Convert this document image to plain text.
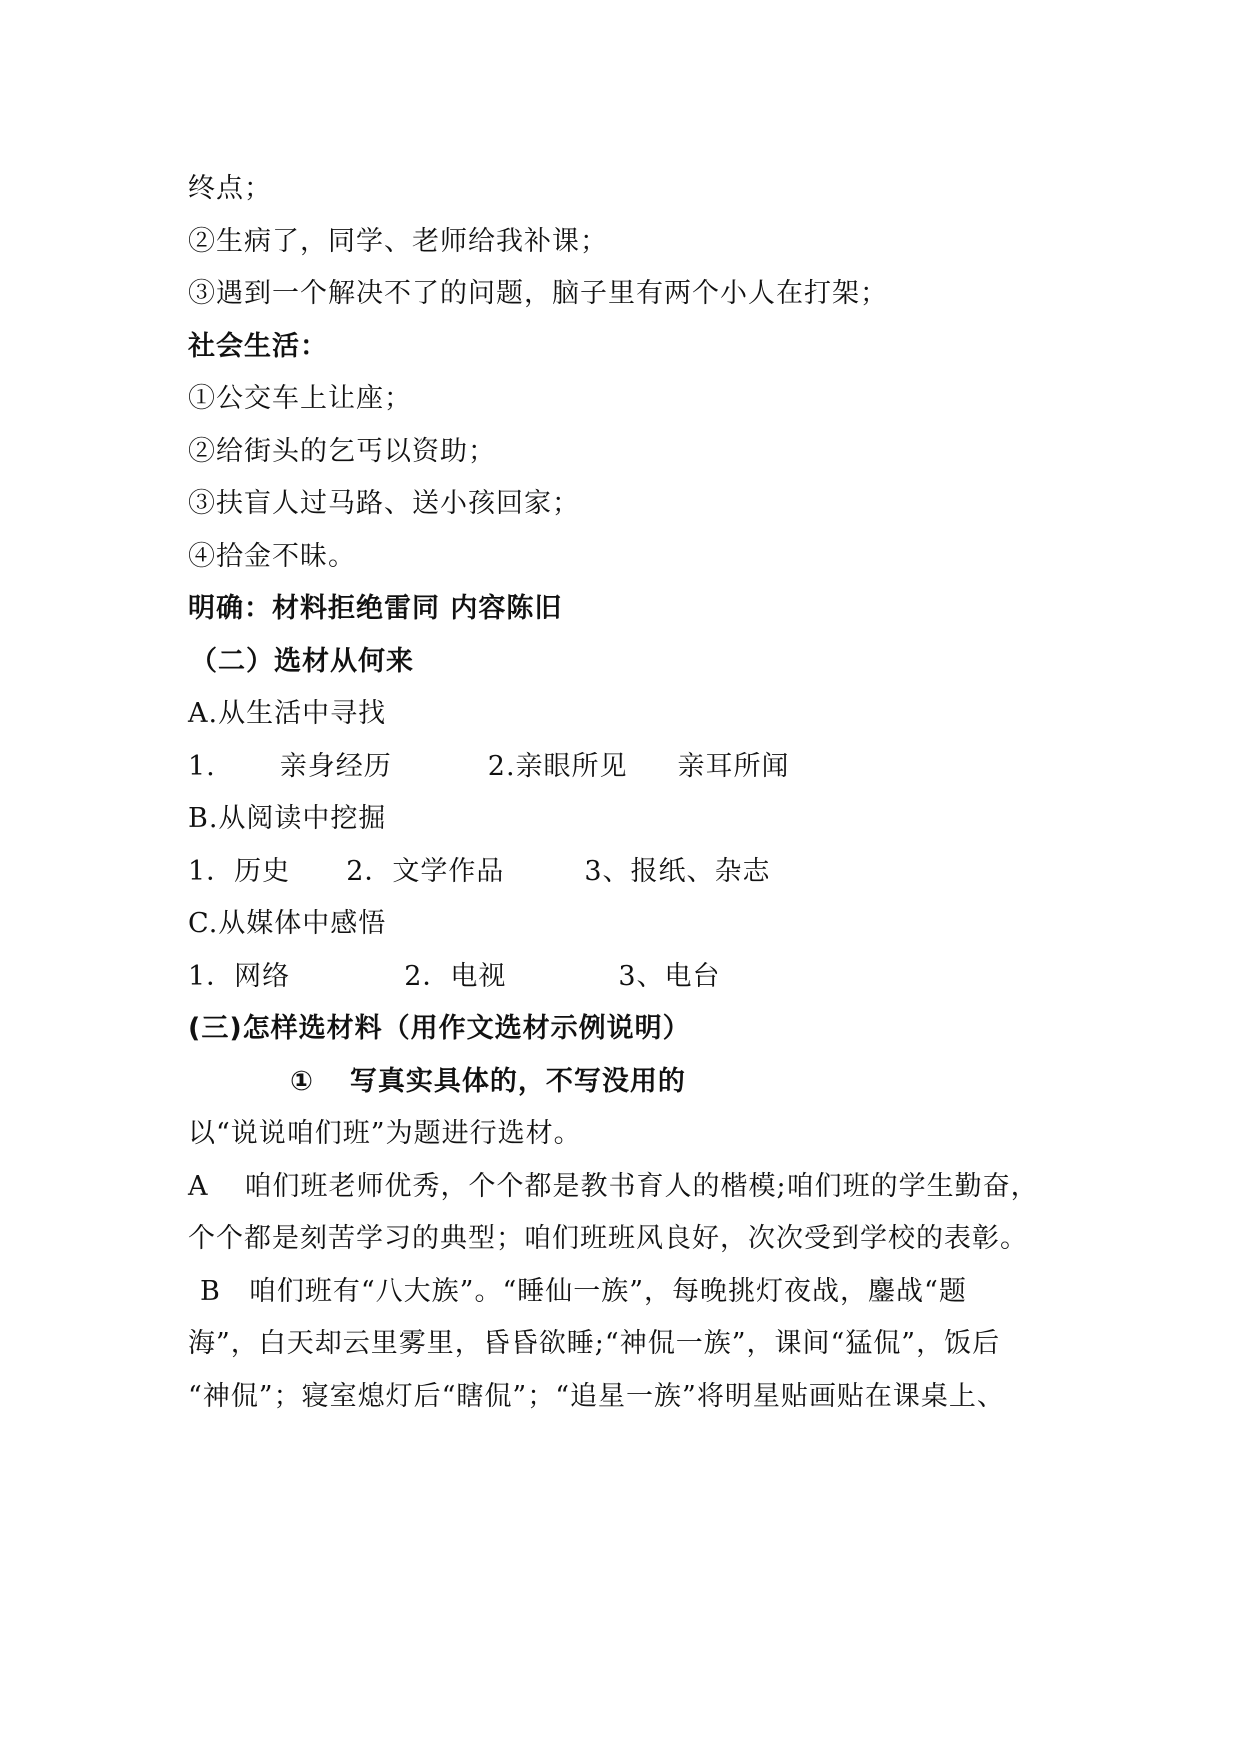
终点；
②生病了，同学、老师给我补课；
③遇到一个解决不了的问题，脑子里有两个小人在打架；
社会生活：
①公交车上让座；
②给街头的乞丐以资助；
③扶盲人过马路、送小孩回家；
④拾金不昧。
明确：材料拒绝雷同 内容陈旧
（二）选材从何来
A.从生活中寻找
1. 亲身经历	2.亲眼所见 亲耳所闻
B.从阅读中挖掘
1．历史 2．文学作品	3、报纸、杂志
C.从媒体中感悟
1．网络	2．电视	3、电台
(三)怎样选材料（用作文选材示例说明）
① 写真实具体的，不写没用的
以“说说咱们班”为题进行选材。
A 咱们班老师优秀，个个都是教书育人的楷模;咱们班的学生勤奋，
个个都是刻苦学习的典型；咱们班班风良好，次次受到学校的表彰。
B 咱们班有“八大族”。“睡仙一族”，每晚挑灯夜战，鏖战“题
海”，白天却云里雾里，昏昏欲睡;“神侃一族”，课间“猛侃”，饭后
“神侃”；寝室熄灯后“瞎侃”；“追星一族”将明星贴画贴在课桌上、
